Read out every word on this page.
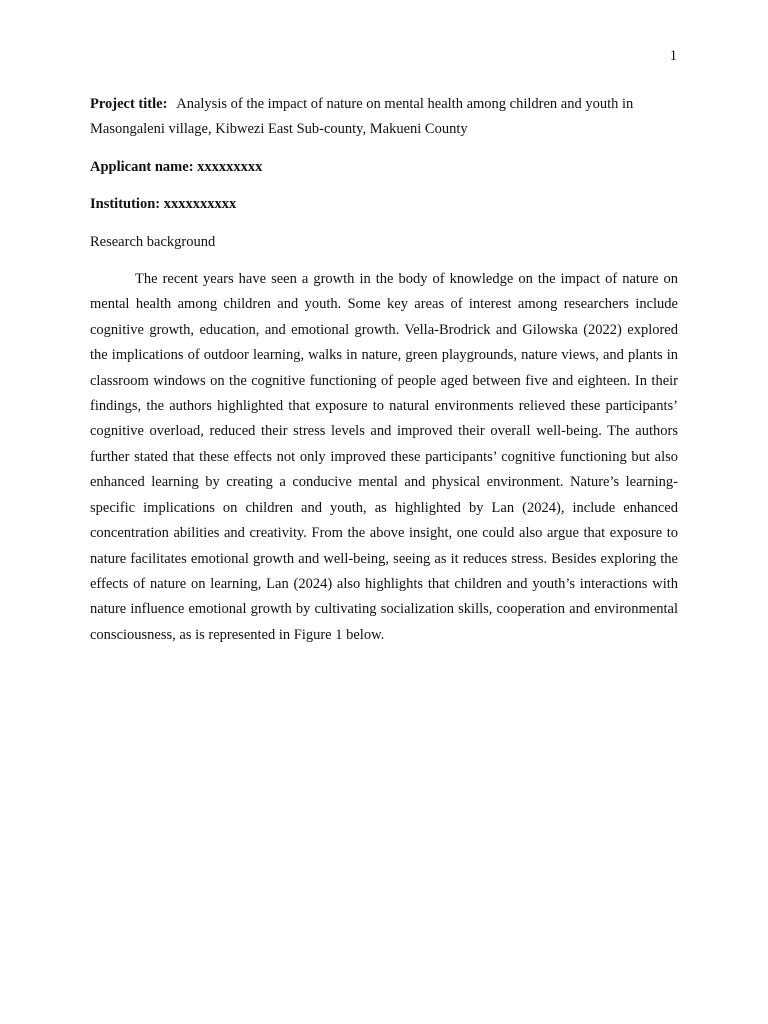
1

Project title: Analysis of the impact of nature on mental health among children and youth in Masongaleni village, Kibwezi East Sub-county, Makueni County

Applicant name: xxxxxxxxx

Institution: xxxxxxxxxx

Research background

The recent years have seen a growth in the body of knowledge on the impact of nature on mental health among children and youth. Some key areas of interest among researchers include cognitive growth, education, and emotional growth. Vella-Brodrick and Gilowska (2022) explored the implications of outdoor learning, walks in nature, green playgrounds, nature views, and plants in classroom windows on the cognitive functioning of people aged between five and eighteen. In their findings, the authors highlighted that exposure to natural environments relieved these participants’ cognitive overload, reduced their stress levels and improved their overall well-being. The authors further stated that these effects not only improved these participants’ cognitive functioning but also enhanced learning by creating a conducive mental and physical environment. Nature’s learning-specific implications on children and youth, as highlighted by Lan (2024), include enhanced concentration abilities and creativity. From the above insight, one could also argue that exposure to nature facilitates emotional growth and well-being, seeing as it reduces stress. Besides exploring the effects of nature on learning, Lan (2024) also highlights that children and youth’s interactions with nature influence emotional growth by cultivating socialization skills, cooperation and environmental consciousness, as is represented in Figure 1 below.
